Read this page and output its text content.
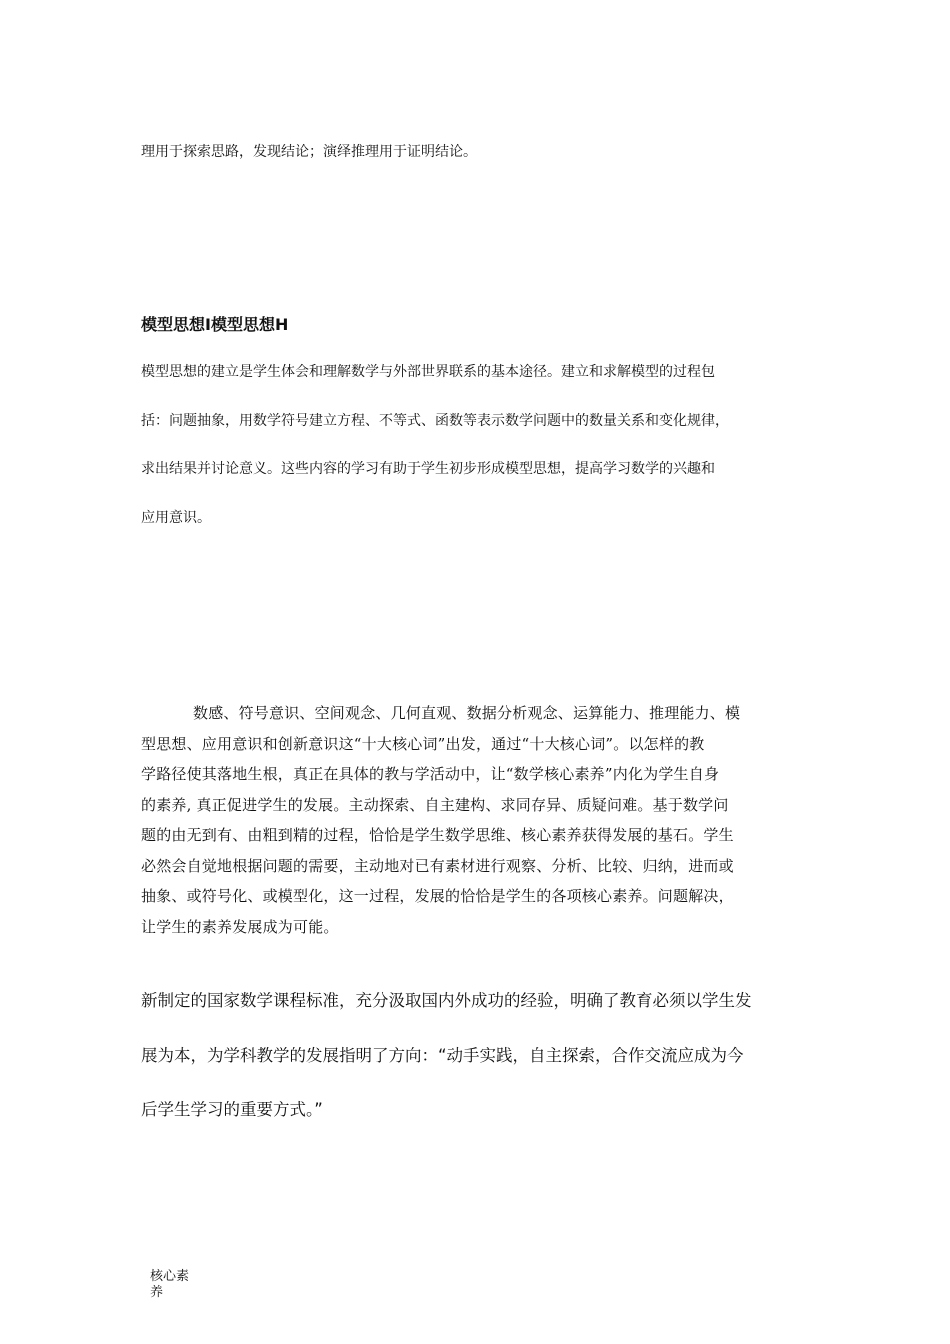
理用于探索思路，发现结论；演绎推理用于证明结论。
模型思想I模型思想H
模型思想的建立是学生体会和理解数学与外部世界联系的基本途径。建立和求解模型的过程包
括：问题抽象，用数学符号建立方程、不等式、函数等表示数学问题中的数量关系和变化规律，
求出结果并讨论意义。这些内容的学习有助于学生初步形成模型思想，提高学习数学的兴趣和
应用意识。
数感、符号意识、空间观念、几何直观、数据分析观念、运算能力、推理能力、模
型思想、应用意识和创新意识这“十大核心词”出发，通过“十大核心词”。以怎样的教
学路径使其落地生根，真正在具体的教与学活动中，让“数学核心素养”内化为学生自身
的素养, 真正促进学生的发展。主动探索、自主建构、求同存异、质疑问难。基于数学问
题的由无到有、由粗到精的过程，恰恰是学生数学思维、核心素养获得发展的基石。学生
必然会自觉地根据问题的需要，主动地对已有素材进行观察、分析、比较、归纳，进而或
抽象、或符号化、或模型化，这一过程，发展的恰恰是学生的各项核心素养。问题解决，
让学生的素养发展成为可能。
新制定的国家数学课程标准，充分汲取国内外成功的经验，明确了教育必须以学生发
展为本，为学科教学的发展指明了方向：“动手实践，自主探索，合作交流应成为今
后学生学习的重要方式。”
核心素
养
